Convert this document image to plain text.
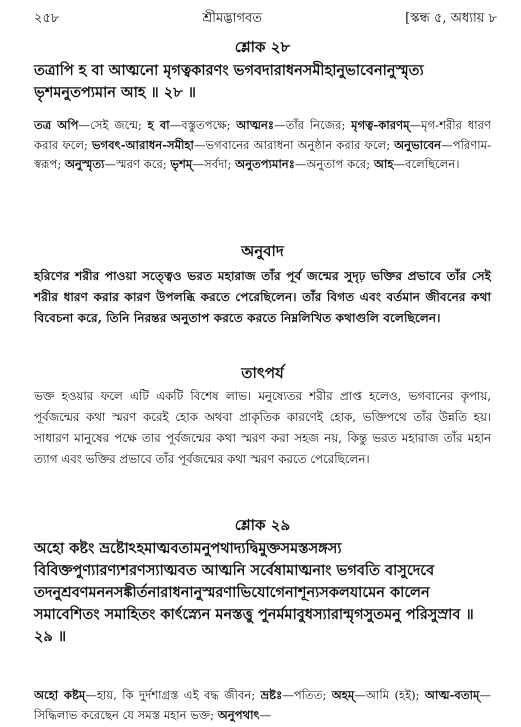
২৫৮	শ্রীমদ্ভাগবত	[স্কন্ধ ৫, অধ্যায় ৮
শ্লোক ২৮
তত্রাপি হ বা আত্মনো মৃগত্বকারণং ভগবদারাধনসমীহানুভাবেনানুস্মৃত্য ভৃশমনুতপ্যমান আহ ॥ ২৮ ॥
তত্র অপি—সেই জন্মে; হ বা—বস্তুতপক্ষে; আত্মনঃ—তাঁর নিজের; মৃগত্ব-কারণম্—মৃগ-শরীর ধারণ করার ফলে; ভগবৎ-আরাধন-সমীহা—ভগবানের আরাধনা অনুষ্ঠান করার ফলে; অনুভাবেন—পরিণাম-স্বরূপ; অনুস্মৃত্য—স্মরণ করে; ভৃশম্—সর্বদা; অনুতপ্যমানঃ—অনুতাপ করে; আহ—বলেছিলেন।
অনুবাদ
হরিণের শরীর পাওয়া সত্ত্বেও ভরত মহারাজ তাঁর পূর্ব জন্মের সুদৃঢ় ভক্তির প্রভাবে তাঁর সেই শরীর ধারণ করার কারণ উপলব্ধি করতে পেরেছিলেন। তাঁর বিগত এবং বর্তমান জীবনের কথা বিবেচনা করে, তিনি নিরন্তর অনুতাপ করতে করতে নিম্নলিখিত কথাগুলি বলেছিলেন।
তাৎপর্য
ভক্ত হওয়ার ফলে এটি একটি বিশেষ লাভ। মনুষ্যেতর শরীর প্রাপ্ত হলেও, ভগবানের কৃপায়, পূর্বজন্মের কথা স্মরণ করেই হোক অথবা প্রাকৃতিক কারণেই হোক, ভক্তিপথে তাঁর উন্নতি হয়। সাধারণ মানুষের পক্ষে তার পূর্বজন্মের কথা স্মরণ করা সহজ নয়, কিন্তু ভরত মহারাজ তাঁর মহান ত্যাগ এবং ভক্তির প্রভাবে তাঁর পূর্বজন্মের কথা স্মরণ করতে পেরেছিলেন।
শ্লোক ২৯
অহো কষ্টং ভ্রষ্টোঽহমাত্মবতামনুপথাদ্যদ্বিমুক্তসমস্তসঙ্গস্য বিবিক্তপুণ্যারণ্যশরণস্যাত্মবত আত্মনি সর্বেষামাত্মনাং ভগবতি বাসুদেবে তদনুশ্রবণমননসঙ্কীর্তনারাধনানুস্মরণাভিযোগেনাশূন্যসকলযামেন কালেন সমাবেশিতং সমাহিতং কার্ৎস্ন্যেন মনস্তত্তু পুনর্মমাবুধস্যারান্মৃগসুতমনু পরিসুস্রাব ॥ ২৯ ॥
অহো কষ্টম্—হায়, কি দুর্দশাগ্রস্ত এই বদ্ধ জীবন; ভ্রষ্টঃ—পতিত; অহম্—আমি (হই); আত্ম-বতাম্—সিদ্ধিলাভ করেছেন যে সমস্ত মহান ভক্ত; অনুপথাৎ—
